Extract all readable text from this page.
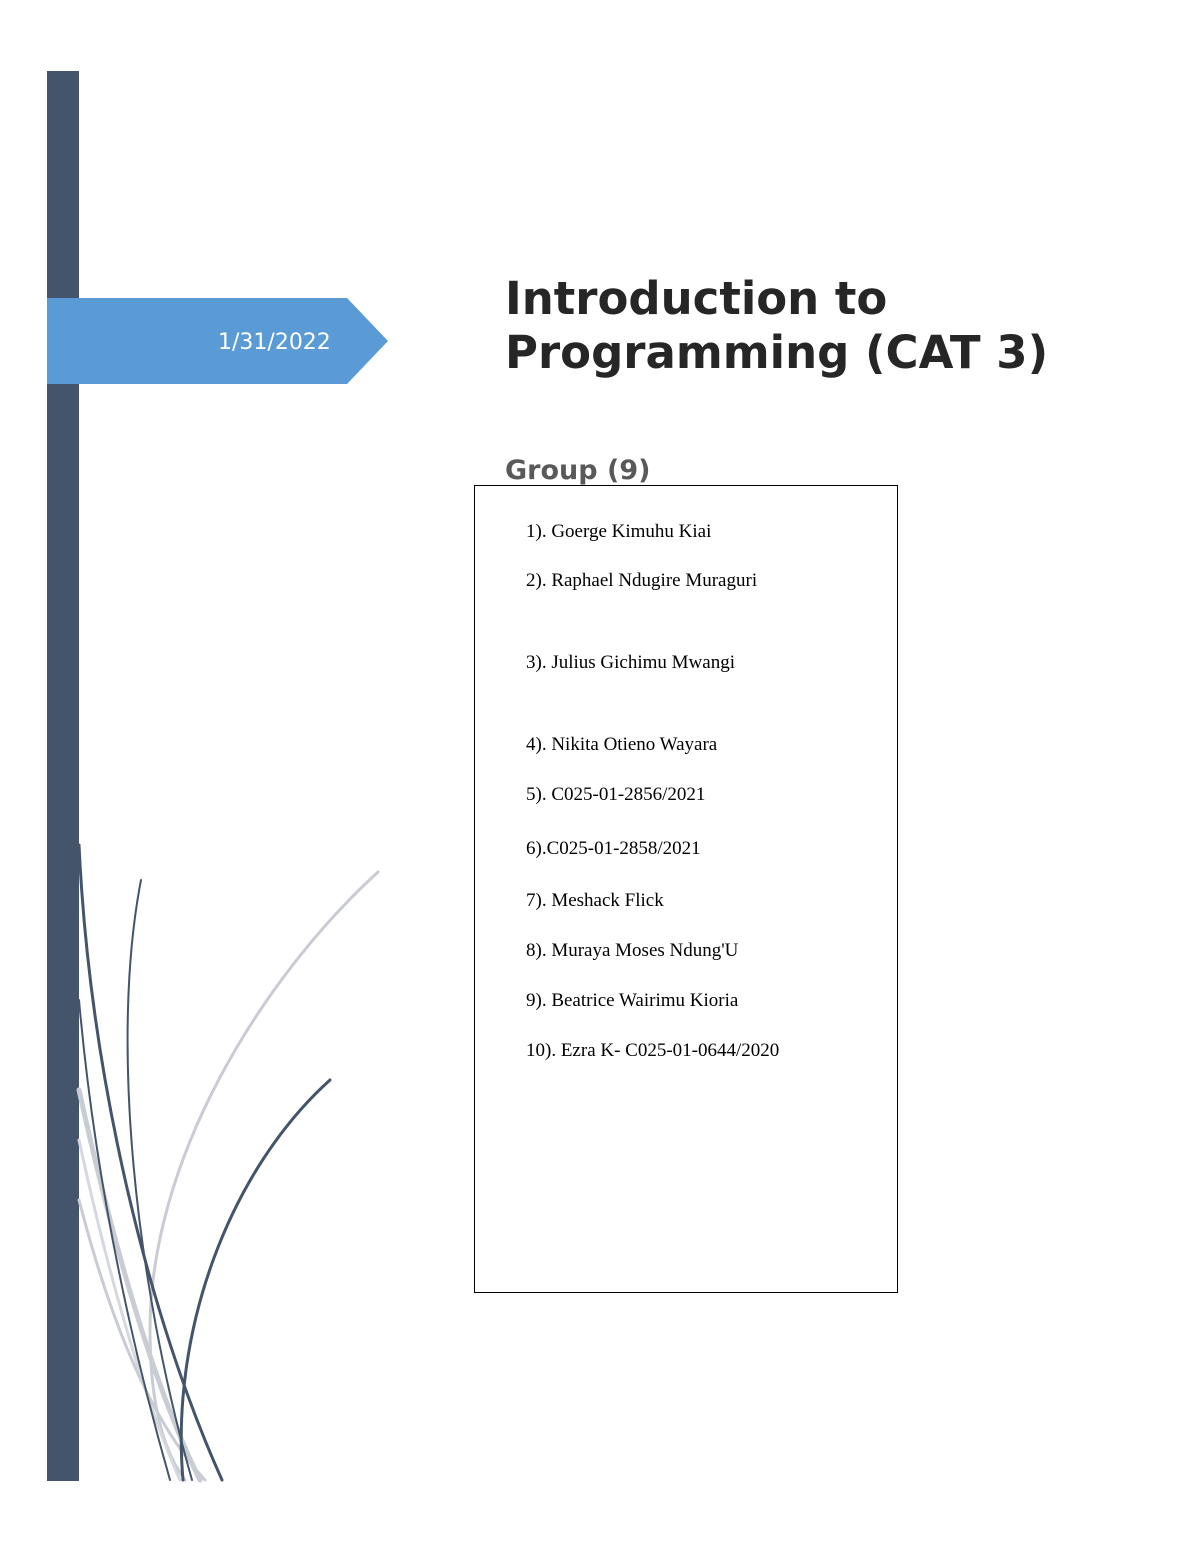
1/31/2022
Introduction to Programming (CAT 3)
Group (9)
1). Goerge Kimuhu Kiai
2). Raphael Ndugire Muraguri
3). Julius Gichimu Mwangi
4). Nikita Otieno Wayara
5). C025-01-2856/2021
6).C025-01-2858/2021
7). Meshack Flick
8). Muraya Moses Ndung'U
9). Beatrice Wairimu Kioria
10). Ezra K- C025-01-0644/2020
